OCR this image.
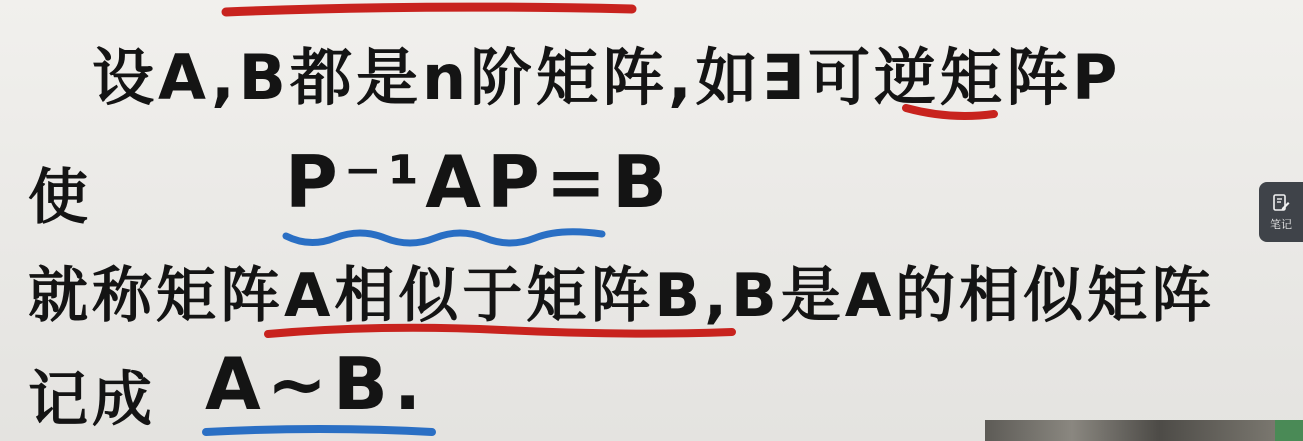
设A,B都是n阶矩阵,如∃可逆矩阵P
使	P⁻¹AP=B
就称矩阵A相似于矩阵B,B是A的相似矩阵
记成 A~B.
笔记
